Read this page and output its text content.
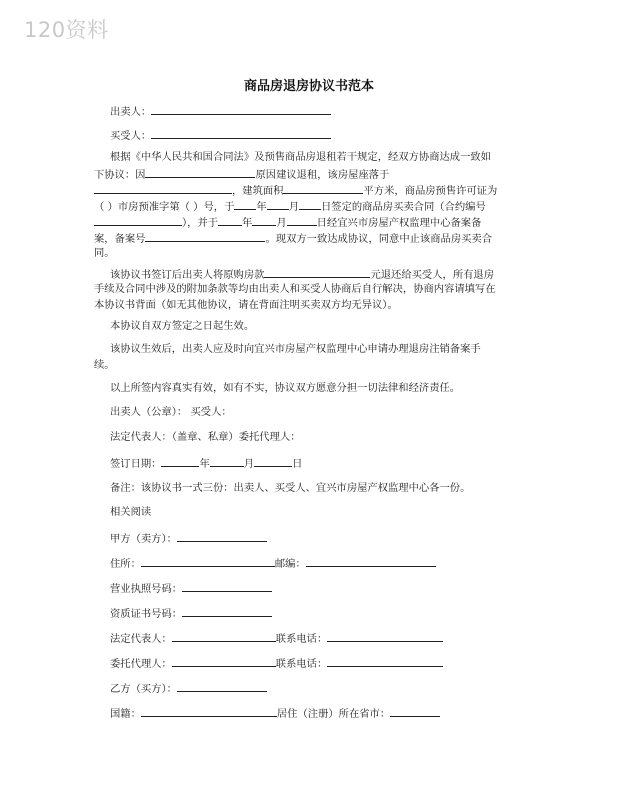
120资料
商品房退房协议书范本
出卖人：
买受人：
根据《中华人民共和国合同法》及预售商品房退租若干规定，经双方协商达成一致如
下协议：因	原因建议退租，该房屋座落于
，建筑面积	平方米，商品房预售许可证为
（ ）市房预准字第（ ）号，于 年 月 日签定的商品房买卖合同（合约编号
），并于 年 月	日经宜兴市房屋产权监理中心备案备
案，备案号	。现双方一致达成协议，同意中止该商品房买卖合
同。
该协议书签订后出卖人将原购房款	元退还给买受人，所有退房
手续及合同中涉及的附加条款等均由出卖人和买受人协商后自行解决，协商内容请填写在
本协议书背面（如无其他协议，请在背面注明买卖双方均无异议）。
本协议自双方签定之日起生效。
该协议生效后，出卖人应及时向宜兴市房屋产权监理中心申请办理退房注销备案手
续。
以上所签内容真实有效，如有不实，协议双方愿意分担一切法律和经济责任。
出卖人（公章）： 买受人：
法定代表人：（盖章、私章）委托代理人：
签订日期：	年	月	日
备注：该协议书一式三份：出卖人、买受人、宜兴市房屋产权监理中心各一份。
相关阅读
甲方（卖方）：
住所：	邮编：
营业执照号码：
资质证书号码：
法定代表人：	联系电话：
委托代理人：	联系电话：
乙方（买方）：
国籍：	居住（注册）所在省市：
